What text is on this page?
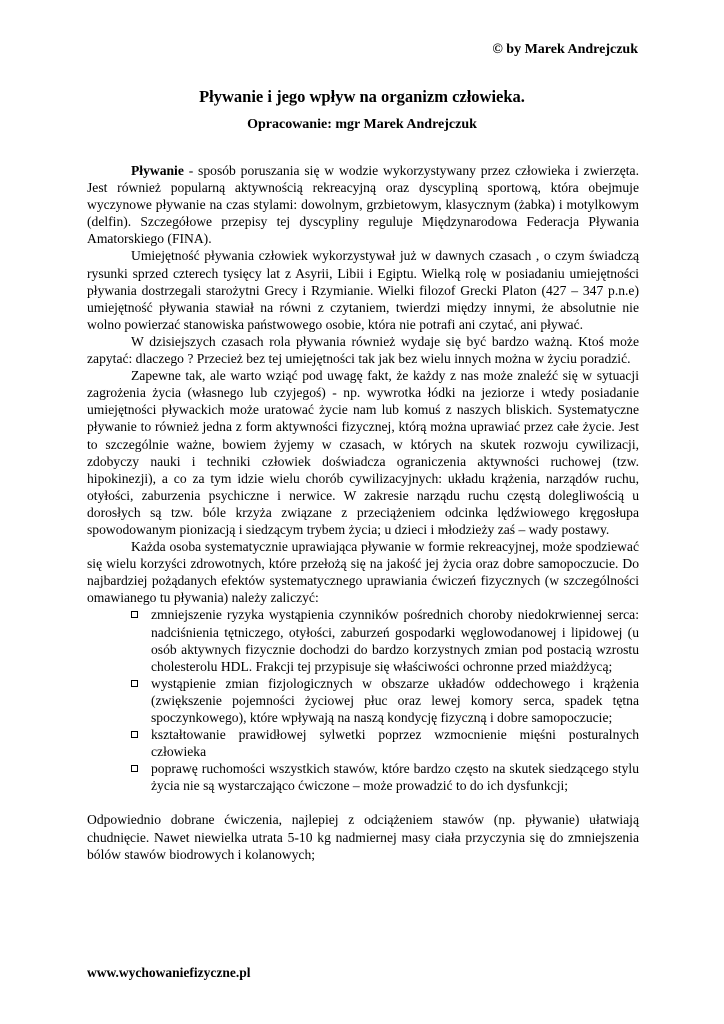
© by Marek Andrejczuk
Pływanie i jego wpływ na organizm człowieka.
Opracowanie: mgr Marek Andrejczuk

Pływanie - sposób poruszania się w wodzie wykorzystywany przez człowieka i zwierzęta. Jest również popularną aktywnością rekreacyjną oraz dyscypliną sportową, która obejmuje wyczynowe pływanie na czas stylami: dowolnym, grzbietowym, klasycznym (żabka) i motylkowym (delfin). Szczegółowe przepisy tej dyscypliny reguluje Międzynarodowa Federacja Pływania Amatorskiego (FINA).

Umiejętność pływania człowiek wykorzystywał już w dawnych czasach , o czym świadczą rysunki sprzed czterech tysięcy lat z Asyrii, Libii i Egiptu. Wielką rolę w posiadaniu umiejętności pływania dostrzegali starożytni Grecy i Rzymianie. Wielki filozof Grecki Platon (427 – 347 p.n.e) umiejętność pływania stawiał na równi z czytaniem, twierdzi między innymi, że absolutnie nie wolno powierzać stanowiska państwowego osobie, która nie potrafi ani czytać, ani pływać.

W dzisiejszych czasach rola pływania również wydaje się być bardzo ważną. Ktoś może zapytać: dlaczego ? Przecież bez tej umiejętności tak jak bez wielu innych można w życiu poradzić.

Zapewne tak, ale warto wziąć pod uwagę fakt, że każdy z nas może znaleźć się w sytuacji zagrożenia życia (własnego lub czyjegoś) - np. wywrotka łódki na jeziorze i wtedy posiadanie umiejętności pływackich może uratować życie nam lub komuś z naszych bliskich. Systematyczne pływanie to również jedna z form aktywności fizycznej, którą można uprawiać przez całe życie. Jest to szczególnie ważne, bowiem żyjemy w czasach, w których na skutek rozwoju cywilizacji, zdobyczy nauki i techniki człowiek doświadcza ograniczenia aktywności ruchowej (tzw. hipokinezji), a co za tym idzie wielu chorób cywilizacyjnych: układu krążenia, narządów ruchu, otyłości, zaburzenia psychiczne i nerwice. W zakresie narządu ruchu częstą dolegliwością u dorosłych są tzw. bóle krzyża związane z przeciążeniem odcinka lędźwiowego kręgosłupa spowodowanym pionizacją i siedzącym trybem życia; u dzieci i młodzieży zaś – wady postawy.

Każda osoba systematycznie uprawiająca pływanie w formie rekreacyjnej, może spodziewać się wielu korzyści zdrowotnych, które przełożą się na jakość jej życia oraz dobre samopoczucie. Do najbardziej pożądanych efektów systematycznego uprawiania ćwiczeń fizycznych (w szczególności omawianego tu pływania) należy zaliczyć:

zmniejszenie ryzyka wystąpienia czynników pośrednich choroby niedokrwiennej serca: nadciśnienia tętniczego, otyłości, zaburzeń gospodarki węglowodanowej i lipidowej (u osób aktywnych fizycznie dochodzi do bardzo korzystnych zmian pod postacią wzrostu cholesterolu HDL. Frakcji tej przypisuje się właściwości ochronne przed miażdżycą;
wystąpienie zmian fizjologicznych w obszarze układów oddechowego i krążenia (zwiększenie pojemności życiowej płuc oraz lewej komory serca, spadek tętna spoczynkowego), które wpływają na naszą kondycję fizyczną i dobre samopoczucie;
kształtowanie prawidłowej sylwetki poprzez wzmocnienie mięśni posturalnych człowieka
poprawę ruchomości wszystkich stawów, które bardzo często na skutek siedzącego stylu życia nie są wystarczająco ćwiczone – może prowadzić to do ich dysfunkcji;

Odpowiednio dobrane ćwiczenia, najlepiej z odciążeniem stawów (np. pływanie) ułatwiają chudnięcie. Nawet niewielka utrata 5-10 kg nadmiernej masy ciała przyczynia się do zmniejszenia bólów stawów biodrowych i kolanowych;

www.wychowaniefizyczne.pl
